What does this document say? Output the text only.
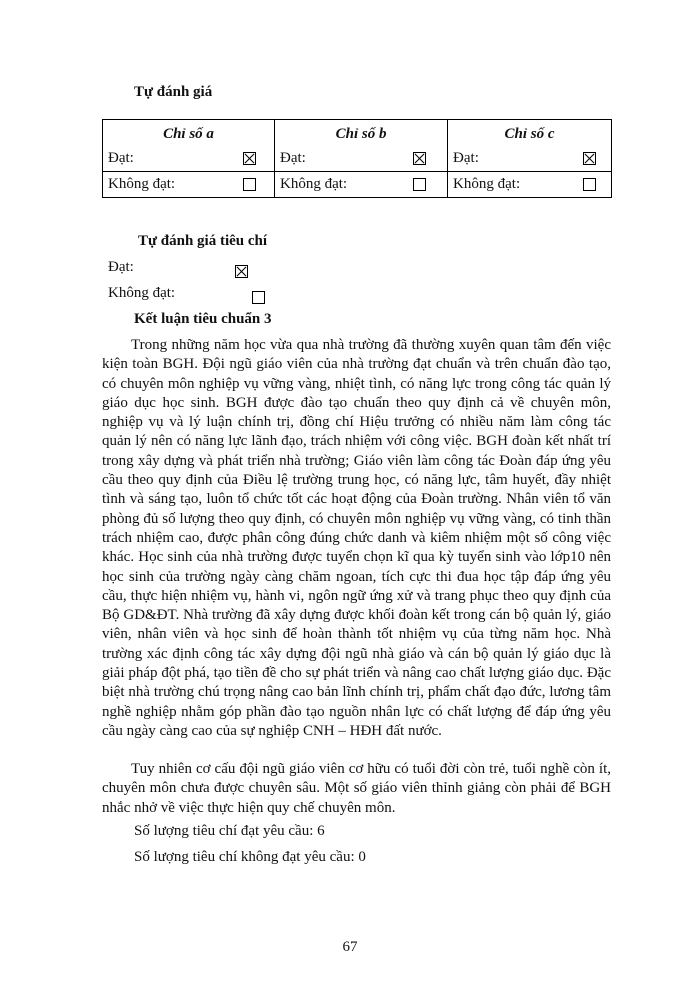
Tự đánh giá
Chỉ số a		Chỉ số b		Chỉ số c	
Đạt:		Đạt:		Đạt:	
Không đạt:		Không đạt:		Không đạt:	
Tự đánh giá tiêu chí
Đạt:

Không đạt:
Kết luận tiêu chuẩn 3

Trong những năm học vừa qua nhà trường đã thường xuyên quan tâm đến việc kiện toàn BGH. Đội ngũ giáo viên của nhà trường đạt chuẩn và trên chuẩn đào tạo, có chuyên môn nghiệp vụ vững vàng, nhiệt tình, có năng lực trong công tác quản lý giáo dục học sinh. BGH được đào tạo chuẩn theo quy định cả về chuyên môn, nghiệp vụ và lý luận chính trị, đồng chí Hiệu trưởng có nhiều năm làm công tác quản lý nên có năng lực lãnh đạo, trách nhiệm với công việc. BGH đoàn kết nhất trí trong xây dựng và phát triển nhà trường; Giáo viên làm công tác Đoàn đáp ứng yêu cầu theo quy định của Điều lệ trường trung học, có năng lực, tâm huyết, đầy nhiệt tình và sáng tạo, luôn tổ chức tốt các hoạt động của Đoàn trường. Nhân viên tổ văn phòng đủ số lượng theo quy định, có chuyên môn nghiệp vụ vững vàng, có tinh thần trách nhiệm cao, được phân công đúng chức danh và kiêm nhiệm một số công việc khác. Học sinh của nhà trường được tuyển chọn kĩ qua kỳ tuyển sinh vào lớp10 nên học sinh của trường ngày càng chăm ngoan, tích cực thi đua học tập đáp ứng yêu cầu, thực hiện nhiệm vụ, hành vi, ngôn ngữ ứng xử và trang phục theo quy định của Bộ GD&ĐT. Nhà trường đã xây dựng được khối đoàn kết trong cán bộ quản lý, giáo viên, nhân viên và học sinh để hoàn thành tốt nhiệm vụ của từng năm học. Nhà trường xác định công tác xây dựng đội ngũ nhà giáo và cán bộ quản lý giáo dục là giải pháp đột phá, tạo tiền đề cho sự phát triển và nâng cao chất lượng giáo dục. Đặc biệt nhà trường chú trọng nâng cao bản lĩnh chính trị, phẩm chất đạo đức, lương tâm nghề nghiệp nhằm góp phần đào tạo nguồn nhân lực có chất lượng để đáp ứng yêu cầu ngày càng cao của sự nghiệp CNH – HĐH đất nước.

Tuy nhiên cơ cấu đội ngũ giáo viên cơ hữu có tuổi đời còn trẻ, tuổi nghề còn ít, chuyên môn chưa được chuyên sâu. Một số giáo viên thỉnh giảng còn phải để BGH nhắc nhở về việc thực hiện quy chế chuyên môn.

Số lượng tiêu chí đạt yêu cầu: 6
Số lượng tiêu chí không đạt yêu cầu: 0
67
